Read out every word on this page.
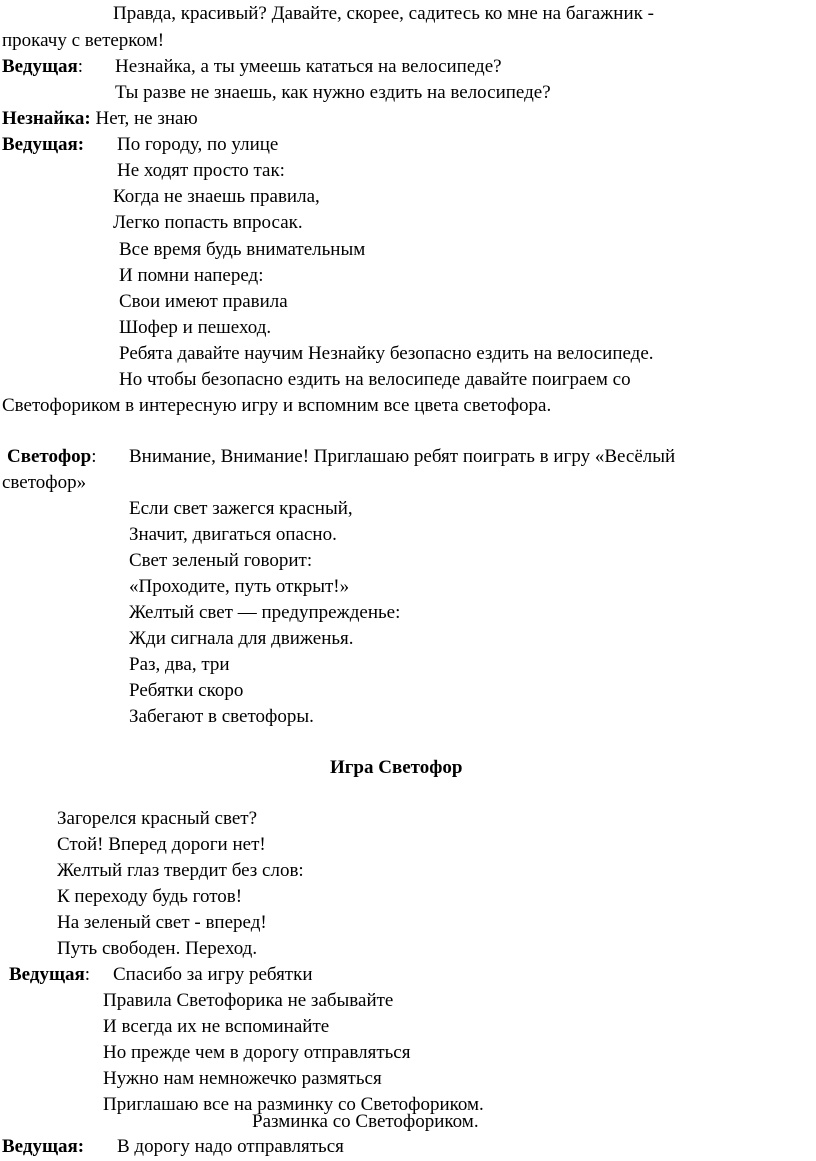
Правда, красивый? Давайте, скорее, садитесь ко мне на багажник -
прокачу с ветерком!
Ведущая: Незнайка, а ты умеешь кататься на велосипеде?
Ты разве не знаешь, как нужно ездить на велосипеде?
Незнайка: Нет, не знаю
Ведущая: По городу, по улице
Не ходят просто так:
Когда не знаешь правила,
Легко попасть впросак.
Все время будь внимательным
И помни наперед:
Свои имеют правила
Шофер и пешеход.
Ребята давайте научим Незнайку безопасно ездить на велосипеде.
Но чтобы безопасно ездить на велосипеде давайте поиграем со
Светофориком в интересную игру и вспомним все цвета светофора.
Светофор: Внимание, Внимание! Приглашаю ребят поиграть в игру «Весёлый
светофор»
Если свет зажегся красный,
Значит, двигаться опасно.
Свет зеленый говорит:
«Проходите, путь открыт!»
Желтый свет — предупрежденье:
Жди сигнала для движенья.
Раз, два, три
Ребятки скоро
Забегают в светофоры.
Игра Светофор
Загорелся красный свет?
Стой! Вперед дороги нет!
Желтый глаз твердит без слов:
К переходу будь готов!
На зеленый свет - вперед!
Путь свободен. Переход.
Ведущая: Спасибо за игру ребятки
Правила Светофорика не забывайте
И всегда их не вспоминайте
Но прежде чем в дорогу отправляться
Нужно нам немножечко размяться
Приглашаю все на разминку со Светофориком.
Разминка со Светофориком.
Ведущая: В дорогу надо отправляться
